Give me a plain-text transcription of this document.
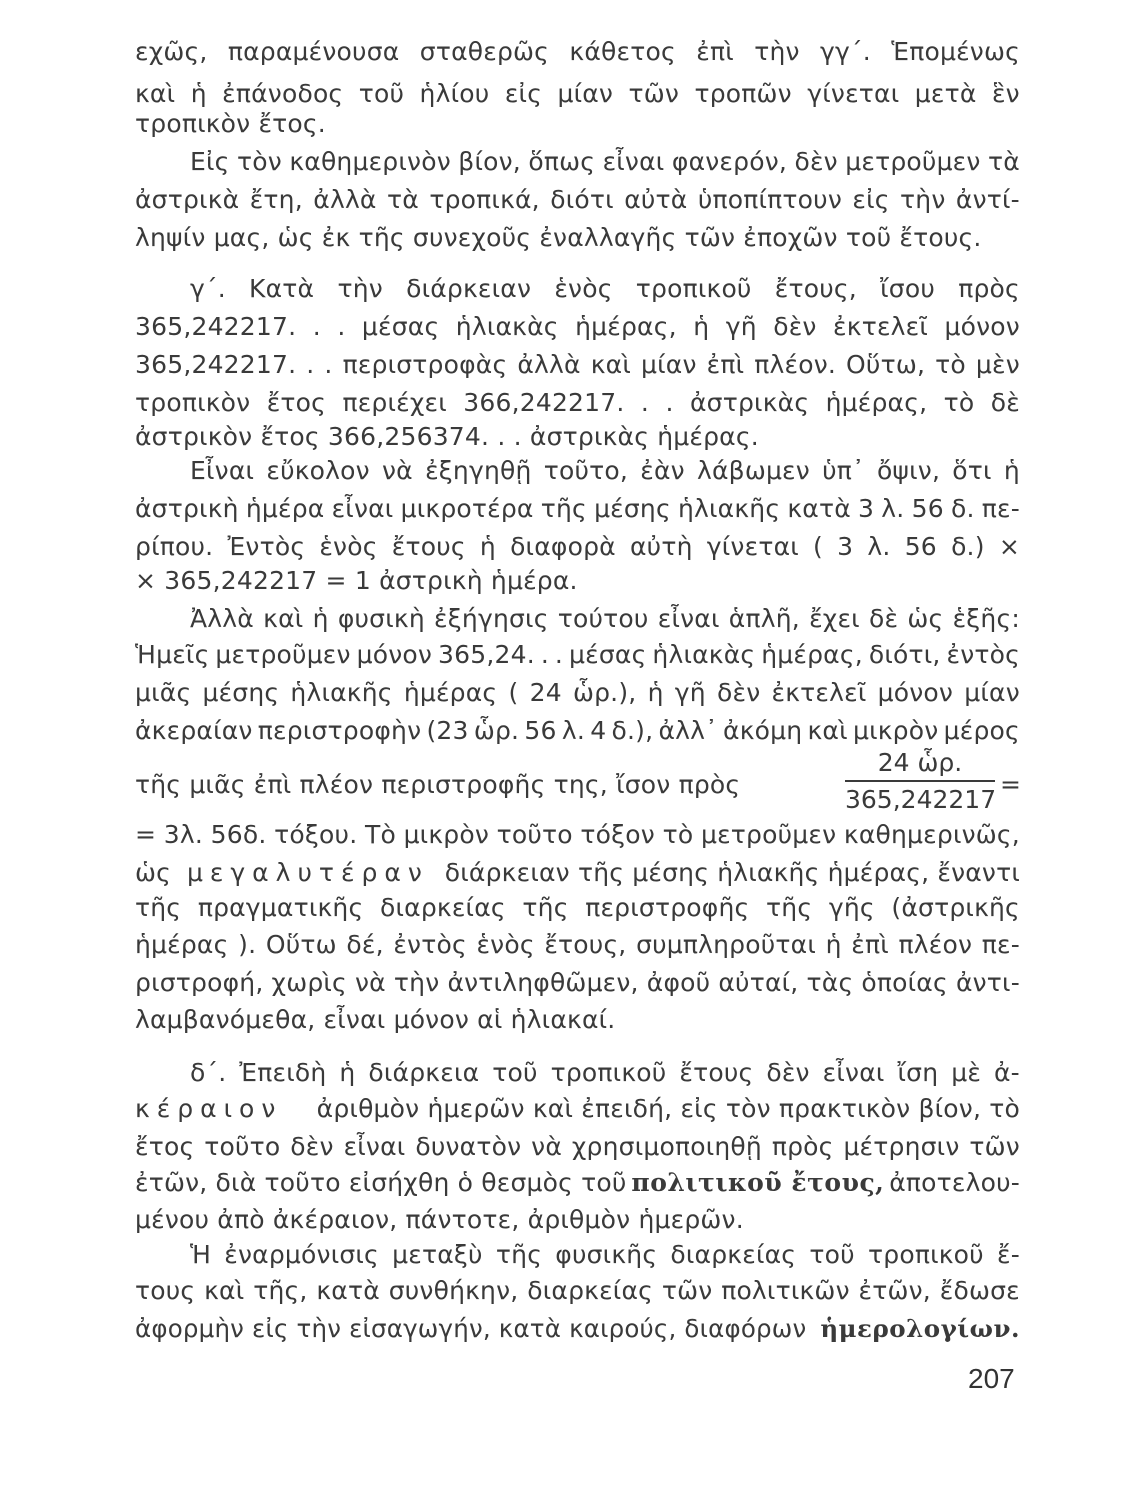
εχῶς, παραμένουσα σταθερῶς κάθετος ἐπὶ τὴν γγ΄. Ἑπομένως
καὶ ἡ ἐπάνοδος τοῦ ἡλίου εἰς μίαν τῶν τροπῶν γίνεται μετὰ ἓν
τροπικὸν ἔτος.
Εἰς τὸν καθημερινὸν βίον, ὅπως εἶναι φανερόν, δὲν μετροῦμεν τὰ
ἀστρικὰ ἔτη, ἀλλὰ τὰ τροπικά, διότι αὐτὰ ὑποπίπτουν εἰς τὴν ἀντί-
ληψίν μας, ὡς ἐκ τῆς συνεχοῦς ἐναλλαγῆς τῶν ἐποχῶν τοῦ ἔτους.
γ΄. Κατὰ τὴν διάρκειαν ἑνὸς τροπικοῦ ἔτους, ἴσου πρὸς
365,242217. . . μέσας ἡλιακὰς ἡμέρας, ἡ γῆ δὲν ἐκτελεῖ μόνον
365,242217. . . περιστροφὰς ἀλλὰ καὶ μίαν ἐπὶ πλέον. Οὕτω, τὸ μὲν
τροπικὸν ἔτος περιέχει 366,242217. . . ἀστρικὰς ἡμέρας, τὸ δὲ
ἀστρικὸν ἔτος 366,256374. . . ἀστρικὰς ἡμέρας.
Εἶναι εὔκολον νὰ ἐξηγηθῇ τοῦτο, ἐὰν λάβωμεν ὑπ᾽ ὄψιν, ὅτι ἡ
ἀστρικὴ ἡμέρα εἶναι μικροτέρα τῆς μέσης ἡλιακῆς κατὰ 3 λ. 56 δ. πε-
ρίπου. Ἐντὸς ἑνὸς ἔτους ἡ διαφορὰ αὐτὴ γίνεται ( 3 λ. 56 δ.) ×
× 365,242217 = 1 ἀστρικὴ ἡμέρα.
Ἀλλὰ καὶ ἡ φυσικὴ ἐξήγησις τούτου εἶναι ἁπλῆ, ἔχει δὲ ὡς ἑξῆς:
Ἡμεῖς μετροῦμεν μόνον 365,24. . . μέσας ἡλιακὰς ἡμέρας, διότι, ἐντὸς
μιᾶς μέσης ἡλιακῆς ἡμέρας ( 24 ὧρ.), ἡ γῆ δὲν ἐκτελεῖ μόνον μίαν
ἀκεραίαν περιστροφὴν (23 ὧρ. 56 λ. 4 δ.), ἀλλ᾽ ἀκόμη καὶ μικρὸν μέρος
τῆς μιᾶς ἐπὶ πλέον περιστροφῆς της, ἴσον πρὸς
24 ὧρ.
365,242217
=
= 3λ. 56δ. τόξου. Τὸ μικρὸν τοῦτο τόξον τὸ μετροῦμεν καθημερινῶς,
ὡς μεγαλυτέραν διάρκειαν τῆς μέσης ἡλιακῆς ἡμέρας, ἔναντι
τῆς πραγματικῆς διαρκείας τῆς περιστροφῆς τῆς γῆς (ἀστρικῆς
ἡμέρας ). Οὕτω δέ, ἐντὸς ἑνὸς ἔτους, συμπληροῦται ἡ ἐπὶ πλέον πε-
ριστροφή, χωρὶς νὰ τὴν ἀντιληφθῶμεν, ἀφοῦ αὐταί, τὰς ὁποίας ἀντι-
λαμβανόμεθα, εἶναι μόνον αἱ ἡλιακαί.
δ΄. Ἐπειδὴ ἡ διάρκεια τοῦ τροπικοῦ ἔτους δὲν εἶναι ἴση μὲ ἀ-
κέραιον ἀριθμὸν ἡμερῶν καὶ ἐπειδή, εἰς τὸν πρακτικὸν βίον, τὸ
ἔτος τοῦτο δὲν εἶναι δυνατὸν νὰ χρησιμοποιηθῇ πρὸς μέτρησιν τῶν
ἐτῶν, διὰ τοῦτο εἰσήχθη ὁ θεσμὸς τοῦ πολιτικοῦ ἔτους, ἀποτελου-
μένου ἀπὸ ἀκέραιον, πάντοτε, ἀριθμὸν ἡμερῶν.
Ἡ ἐναρμόνισις μεταξὺ τῆς φυσικῆς διαρκείας τοῦ τροπικοῦ ἔ-
τους καὶ τῆς, κατὰ συνθήκην, διαρκείας τῶν πολιτικῶν ἐτῶν, ἔδωσε
ἀφορμὴν εἰς τὴν εἰσαγωγήν, κατὰ καιρούς, διαφόρων ἡμερολογίων.
207
